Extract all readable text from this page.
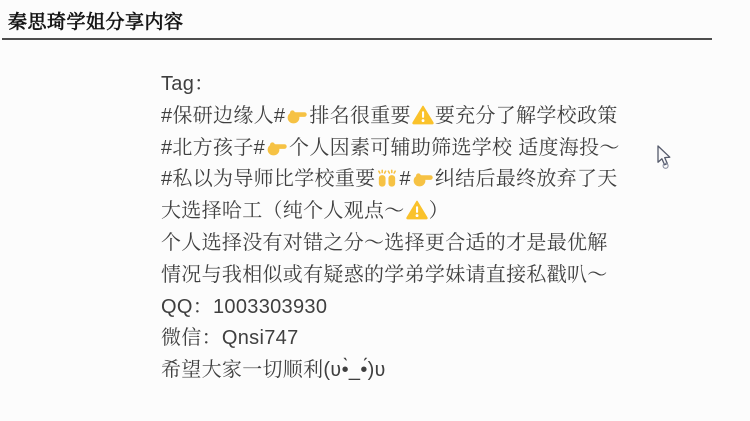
秦思琦学姐分享内容
Tag：
#保研边缘人# 排名很重要 要充分了解学校政策
#北方孩子# 个人因素可辅助筛选学校 适度海投～
#私以为导师比学校重要 # 纠结后最终放弃了天
大选择哈工（纯个人观点～ ）
个人选择没有对错之分～选择更合适的才是最优解
情况与我相似或有疑惑的学弟学妹请直接私戳叭～
QQ：1003303930
微信：Qnsi747
希望大家一切顺利(ʋ•̀_•́)ʋ
